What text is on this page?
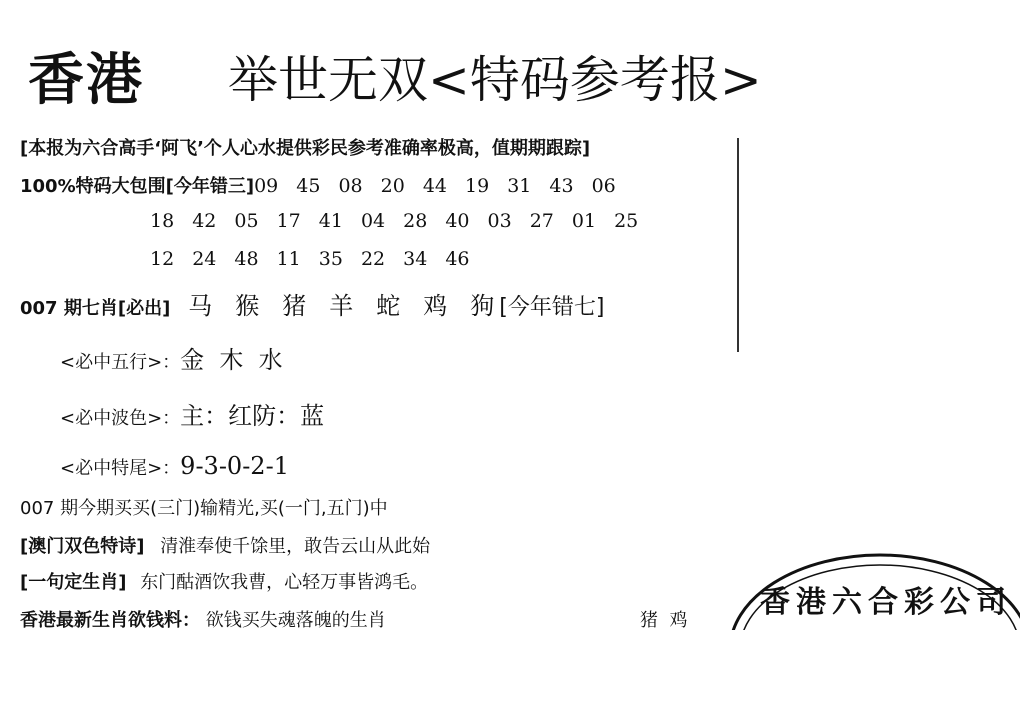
香港 举世无双<特码参考报>
[本报为六合高手‘阿飞’个人心水提供彩民参考准确率极高，值期期跟踪]
100%特码大包围[今年错三] 09 45 08 20 44 19 31 43 06
18 42 05 17 41 04 28 40 03 27 01 25
12 24 48 11 35 22 34 46
007 期七肖[必出] 马 猴 猪 羊 蛇 鸡 狗 [今年错七]
<必中五行>： 金  木  水
<必中波色>： 主：红防：蓝
<必中特尾>： 9-3-0-2-1
007 期今期买买(三门)输精光,买(一门,五门)中
[澳门双色特诗] 清淮奉使千馀里，敢告云山从此始
[一句定生肖] 东门酤酒饮我曹，心轻万事皆鸿毛。
香港最新生肖欲钱料： 欲钱买失魂落魄的生肖	猪  鸡
香港六合彩公司
